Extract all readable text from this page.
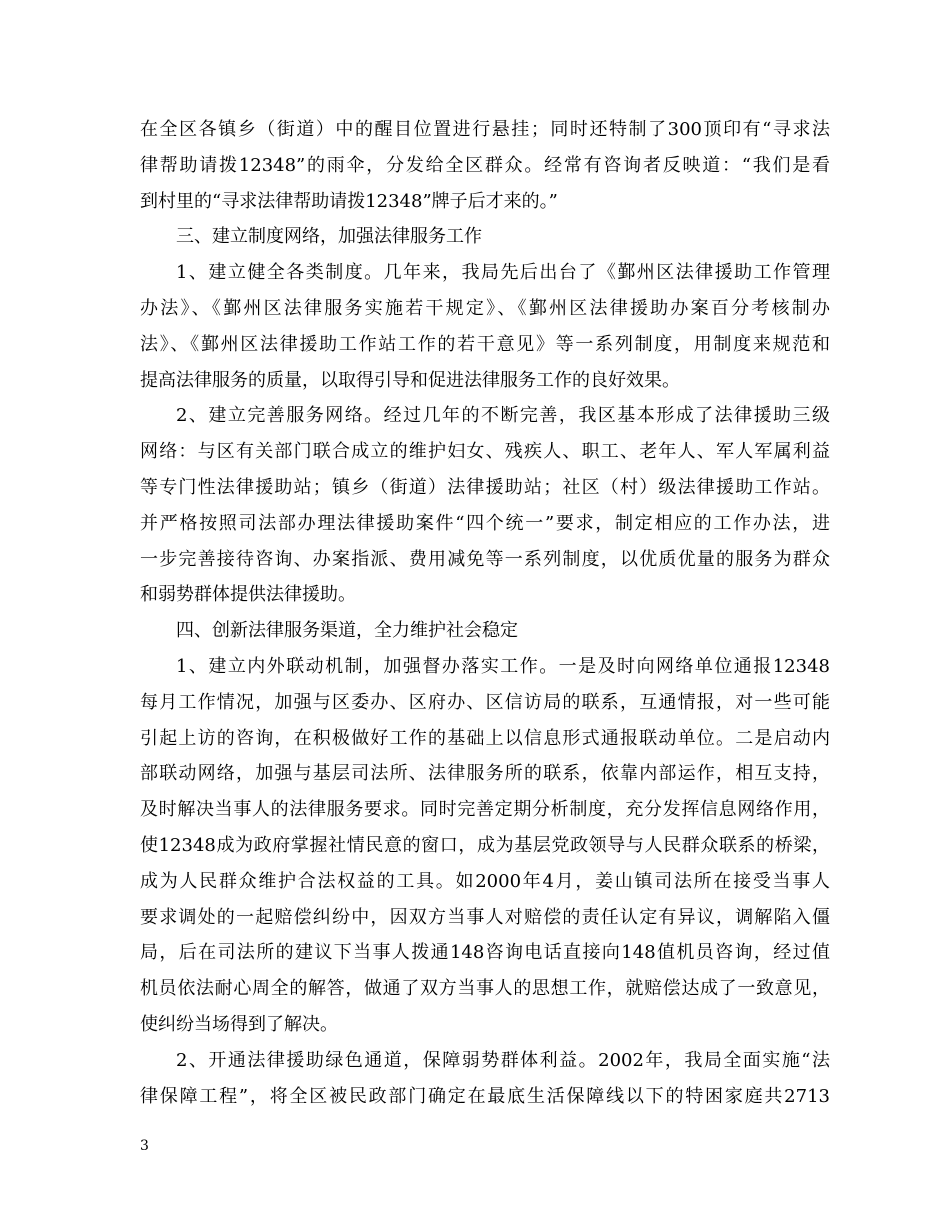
在全区各镇乡（街道）中的醒目位置进行悬挂；同时还特制了300顶印有“寻求法
律帮助请拨12348”的雨伞，分发给全区群众。经常有咨询者反映道：“我们是看
到村里的“寻求法律帮助请拨12348”牌子后才来的。”
三、建立制度网络，加强法律服务工作
1、建立健全各类制度。几年来，我局先后出台了《鄞州区法律援助工作管理
办法》、《鄞州区法律服务实施若干规定》、《鄞州区法律援助办案百分考核制办
法》、《鄞州区法律援助工作站工作的若干意见》等一系列制度，用制度来规范和
提高法律服务的质量，以取得引导和促进法律服务工作的良好效果。
2、建立完善服务网络。经过几年的不断完善，我区基本形成了法律援助三级
网络：与区有关部门联合成立的维护妇女、残疾人、职工、老年人、军人军属利益
等专门性法律援助站；镇乡（街道）法律援助站；社区（村）级法律援助工作站。
并严格按照司法部办理法律援助案件“四个统一”要求，制定相应的工作办法，进
一步完善接待咨询、办案指派、费用减免等一系列制度，以优质优量的服务为群众
和弱势群体提供法律援助。
四、创新法律服务渠道，全力维护社会稳定
1、建立内外联动机制，加强督办落实工作。一是及时向网络单位通报12348
每月工作情况，加强与区委办、区府办、区信访局的联系，互通情报，对一些可能
引起上访的咨询，在积极做好工作的基础上以信息形式通报联动单位。二是启动内
部联动网络，加强与基层司法所、法律服务所的联系，依靠内部运作，相互支持，
及时解决当事人的法律服务要求。同时完善定期分析制度，充分发挥信息网络作用，
使12348成为政府掌握社情民意的窗口，成为基层党政领导与人民群众联系的桥梁，
成为人民群众维护合法权益的工具。如2000年4月，姜山镇司法所在接受当事人
要求调处的一起赔偿纠纷中，因双方当事人对赔偿的责任认定有异议，调解陷入僵
局，后在司法所的建议下当事人拨通148咨询电话直接向148值机员咨询，经过值
机员依法耐心周全的解答，做通了双方当事人的思想工作，就赔偿达成了一致意见，
使纠纷当场得到了解决。
2、开通法律援助绿色通道，保障弱势群体利益。2002年，我局全面实施“法
律保障工程”，将全区被民政部门确定在最底生活保障线以下的特困家庭共2713
3
